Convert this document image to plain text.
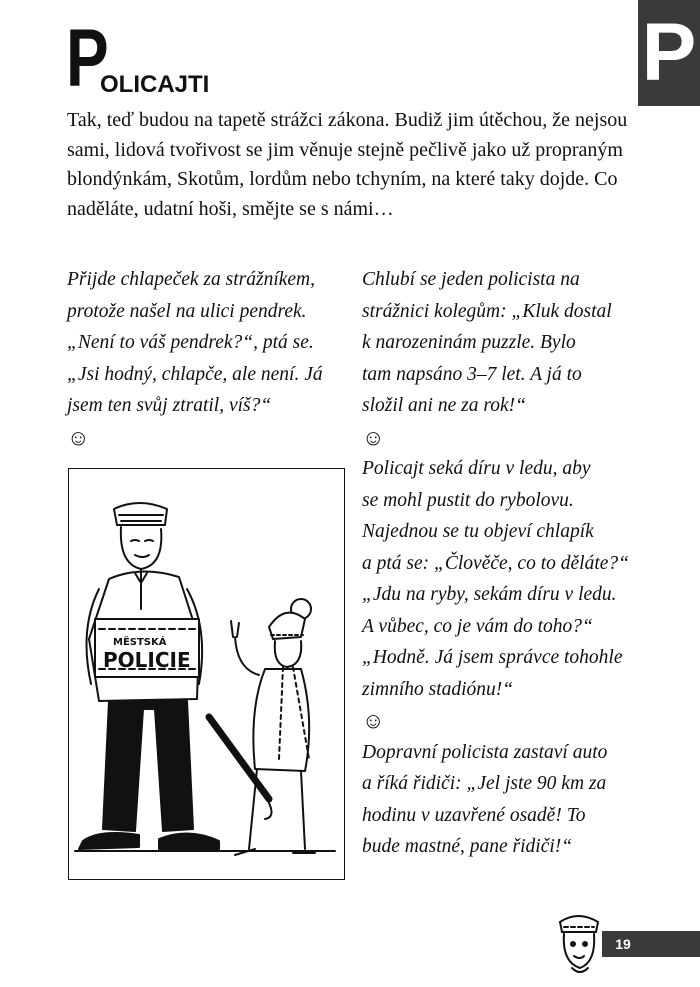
P
P
OLICAJTI

Tak, teď budou na tapetě strážci zákona. Budiž jim útěchou, že nejsou sami, lidová tvořivost se jim věnuje stejně pečlivě jako už propraným blondýnkám, Skotům, lordům nebo tchyním, na které taky dojde. Co naděláte, udatní hoši, smějte se s námi…

Přijde chlapeček za strážníkem,
protože našel na ulici pendrek.
„Není to váš pendrek?“, ptá se.
„Jsi hodný, chlapče, ale není. Já
jsem ten svůj ztratil, víš?“

☺

Chlubí se jeden policista na
strážnici kolegům: „Kluk dostal
k narozeninám puzzle. Bylo
tam napsáno 3–7 let. A já to
složil ani ne za rok!“

☺

Policajt seká díru v ledu, aby
se mohl pustit do rybolovu.
Najednou se tu objeví chlapík
a ptá se: „Člověče, co to děláte?“
„Jdu na ryby, sekám díru v ledu.
A vůbec, co je vám do toho?“
„Hodně. Já jsem správce tohohle
zimního stadiónu!“

☺

Dopravní policista zastaví auto
a říká řidiči: „Jel jste 90 km za
hodinu v uzavřené osadě! To
bude mastné, pane řidiči!“

MĚSTSKÁ
POLICIE
19
